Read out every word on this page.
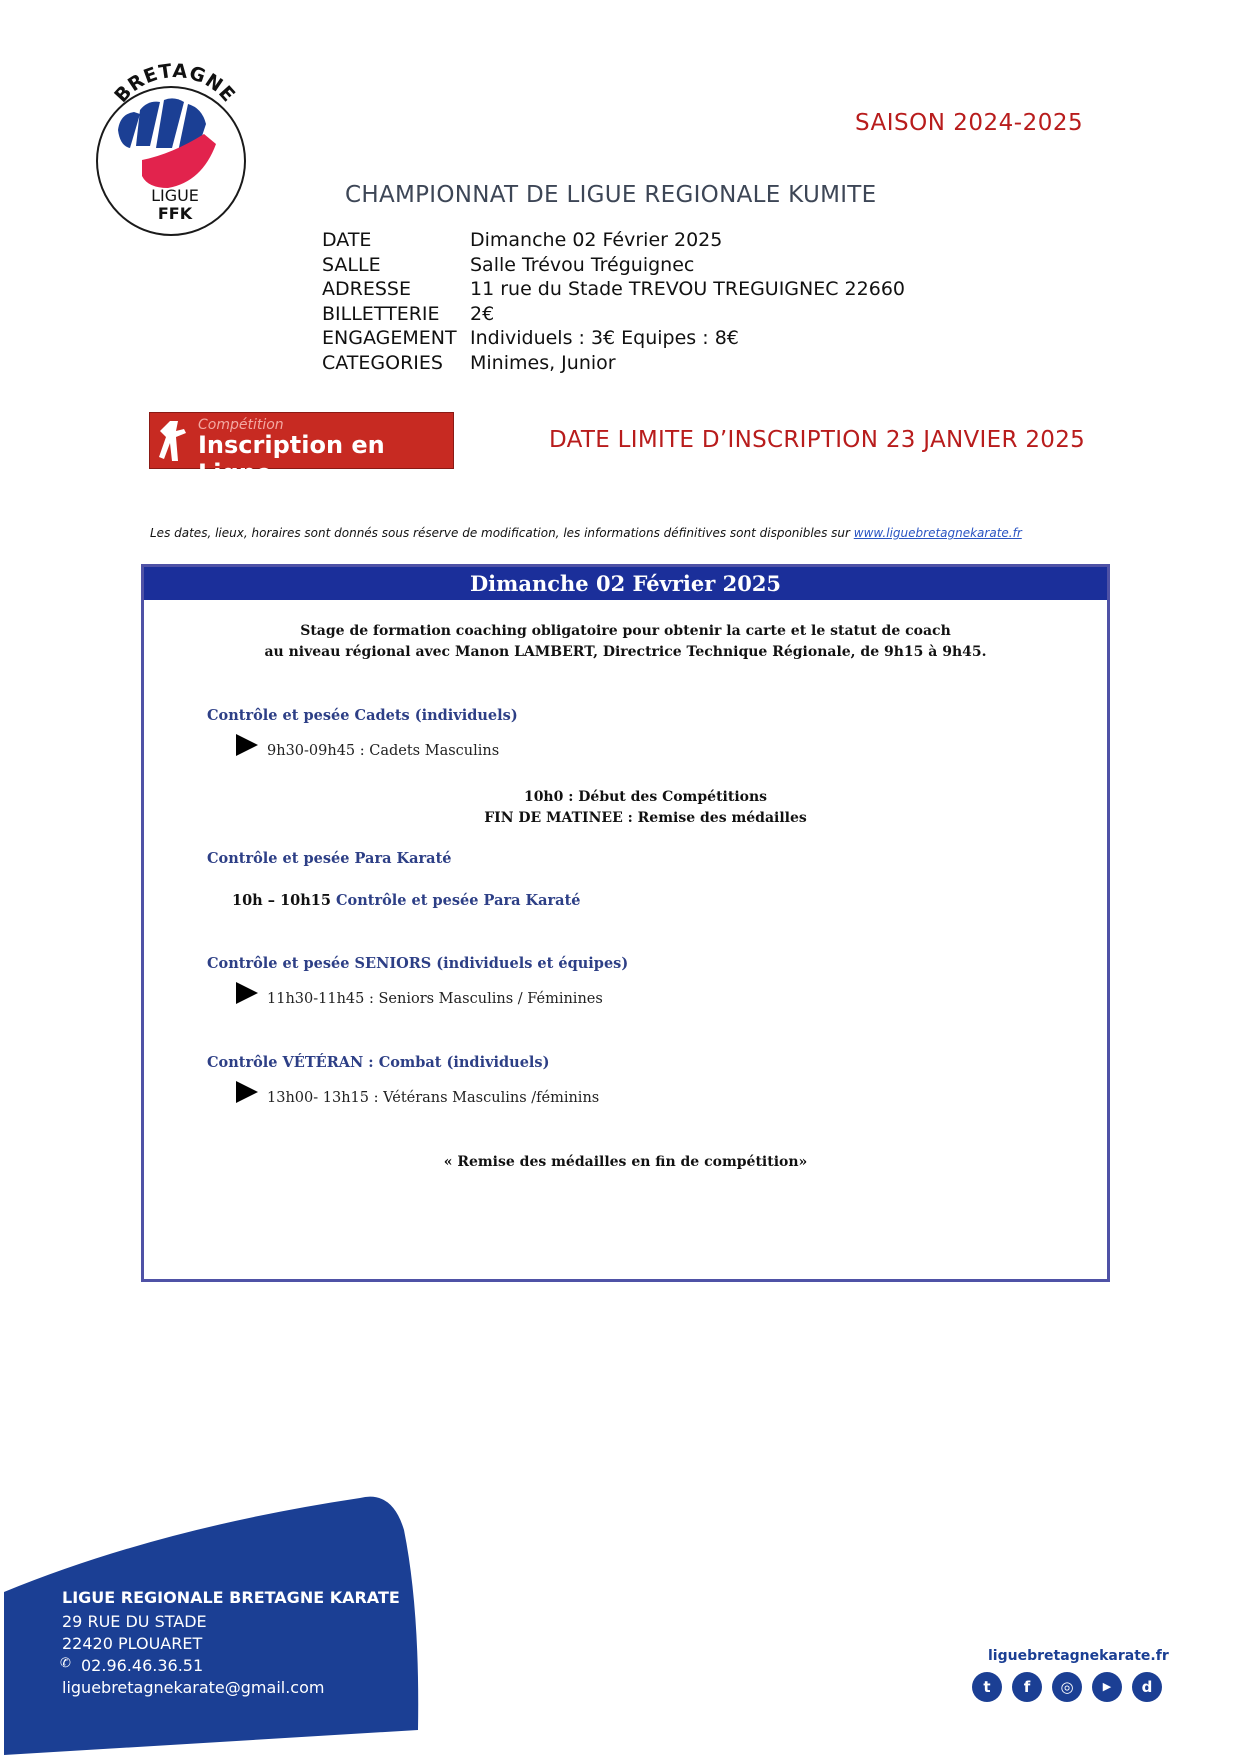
BRETAGNE
LIGUE
FFK
SAISON 2024-2025
CHAMPIONNAT DE LIGUE REGIONALE KUMITE
DATE	Dimanche 02 Février 2025
SALLE	Salle Trévou Tréguignec
ADRESSE	11 rue du Stade TREVOU TREGUIGNEC 22660
BILLETTERIE	2€
ENGAGEMENT Individuels : 3€ Equipes : 8€
CATEGORIES	Minimes, Junior
Compétition
Inscription en Ligne
DATE LIMITE D’INSCRIPTION 23 JANVIER 2025
Les dates, lieux, horaires sont donnés sous réserve de modification, les informations définitives sont disponibles sur www.liguebretagnekarate.fr
Dimanche 02 Février 2025
Stage de formation coaching obligatoire pour obtenir la carte et le statut de coach
au niveau régional avec Manon LAMBERT, Directrice Technique Régionale, de 9h15 à 9h45.
Contrôle et pesée Cadets (individuels)
9h30-09h45 : Cadets Masculins
10h0 : Début des Compétitions
FIN DE MATINEE : Remise des médailles
Contrôle et pesée Para Karaté
10h – 10h15 Contrôle et pesée Para Karaté
Contrôle et pesée SENIORS (individuels et équipes)
11h30-11h45 : Seniors Masculins / Féminines
Contrôle VÉTÉRAN : Combat (individuels)
13h00- 13h15 : Vétérans Masculins /féminins
« Remise des médailles en fin de compétition»
LIGUE REGIONALE BRETAGNE KARATE
29 RUE DU STADE
22420 PLOUARET
✆ 02.96.46.36.51
liguebretagnekarate@gmail.com
liguebretagnekarate.fr
t	f	◎	▶	d
